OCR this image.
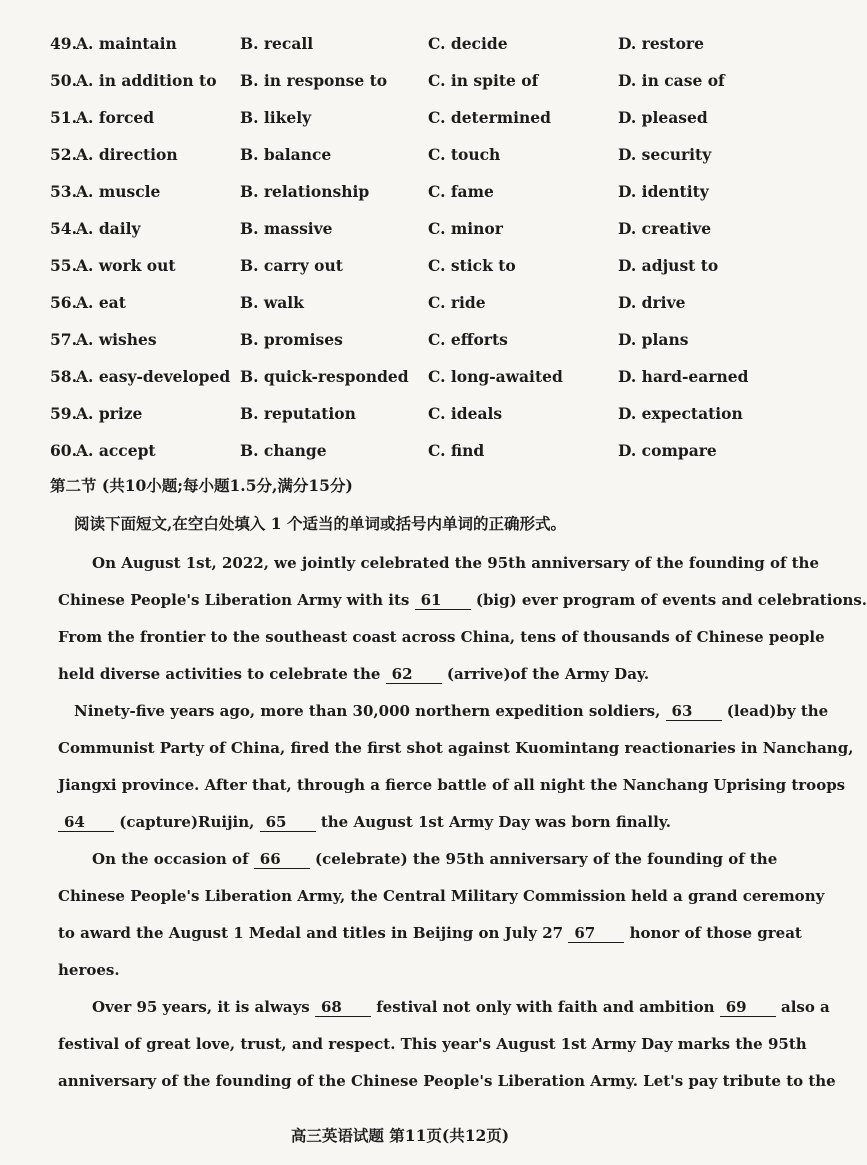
49. A. maintain	B. recall	C. decide	D. restore
50. A. in addition to B. in response to	C. in spite of	D. in case of
51. A. forced	B. likely	C. determined	D. pleased
52. A. direction	B. balance	C. touch	D. security
53. A. muscle	B. relationship	C. fame	D. identity
54. A. daily	B. massive	C. minor	D. creative
55. A. work out	B. carry out	C. stick to	D. adjust to
56. A. eat	B. walk	C. ride	D. drive
57. A. wishes	B. promises	C. efforts	D. plans
58. A. easy-developed B. quick-responded C. long-awaited	D. hard-earned
59. A. prize	B. reputation	C. ideals	D. expectation
60. A. accept	B. change	C. find	D. compare
第二节 (共10小题;每小题1.5分,满分15分)
阅读下面短文,在空白处填入 1 个适当的单词或括号内单词的正确形式。
On August 1st, 2022, we jointly celebrated the 95th anniversary of the founding of the
Chinese People's Liberation Army with its 61 (big) ever program of events and celebrations.
From the frontier to the southeast coast across China, tens of thousands of Chinese people
held diverse activities to celebrate the 62 (arrive)of the Army Day.
Ninety-five years ago, more than 30,000 northern expedition soldiers, 63 (lead)by the
Communist Party of China, fired the first shot against Kuomintang reactionaries in Nanchang,
Jiangxi province. After that, through a fierce battle of all night the Nanchang Uprising troops
64 (capture)Ruijin, 65 the August 1st Army Day was born finally.
On the occasion of 66 (celebrate) the 95th anniversary of the founding of the
Chinese People's Liberation Army, the Central Military Commission held a grand ceremony
to award the August 1 Medal and titles in Beijing on July 27 67 honor of those great
heroes.
Over 95 years, it is always 68 festival not only with faith and ambition 69 also a
festival of great love, trust, and respect. This year's August 1st Army Day marks the 95th
anniversary of the founding of the Chinese People's Liberation Army. Let's pay tribute to the
高三英语试题 第11页(共12页)
